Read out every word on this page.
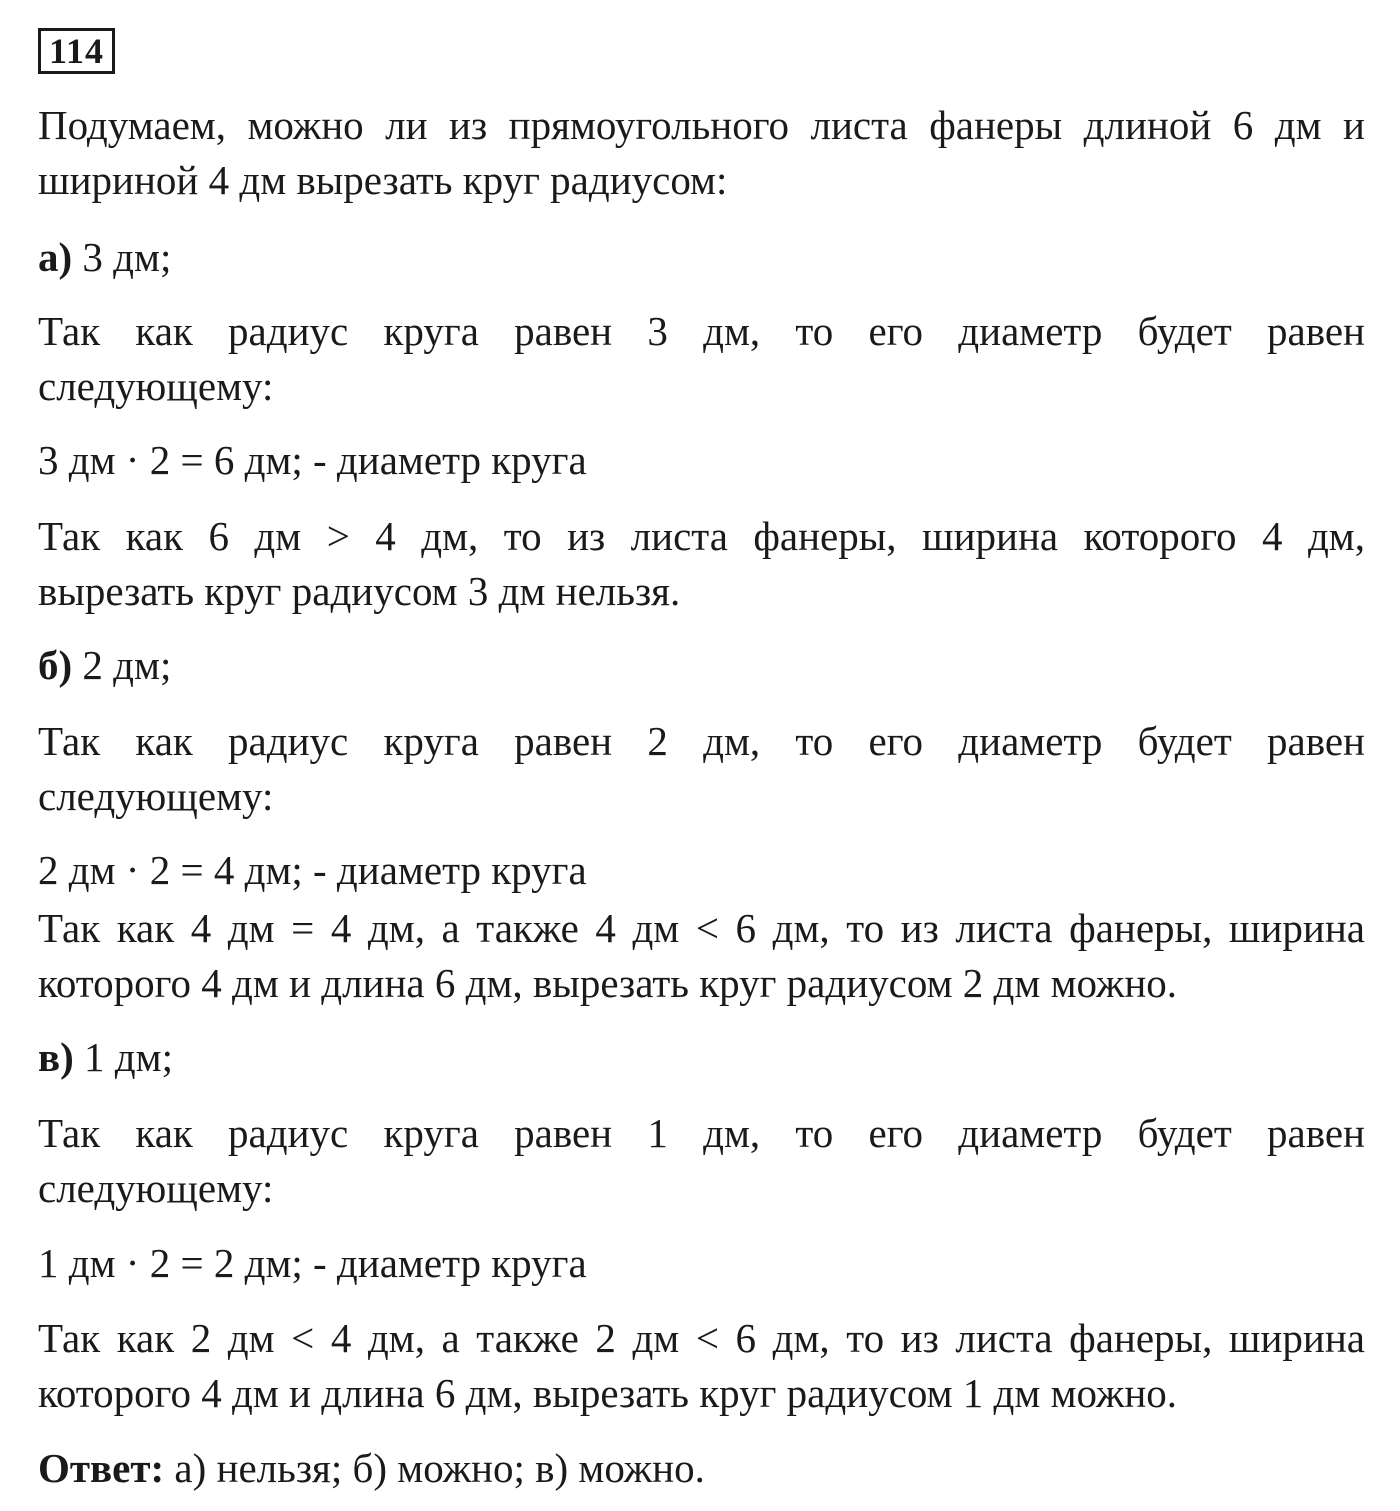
114
Подумаем, можно ли из прямоугольного листа фанеры длиной 6 дм и
шириной 4 дм вырезать круг радиусом:
а) 3 дм;
Так как радиус круга равен 3 дм, то его диаметр будет равен
следующему:
3 дм · 2 = 6 дм; - диаметр круга
Так как 6 дм > 4 дм, то из листа фанеры, ширина которого 4 дм,
вырезать круг радиусом 3 дм нельзя.
б) 2 дм;
Так как радиус круга равен 2 дм, то его диаметр будет равен
следующему:
2 дм · 2 = 4 дм; - диаметр круга
Так как 4 дм = 4 дм, а также 4 дм < 6 дм, то из листа фанеры, ширина
которого 4 дм и длина 6 дм, вырезать круг радиусом 2 дм можно.
в) 1 дм;
Так как радиус круга равен 1 дм, то его диаметр будет равен
следующему:
1 дм · 2 = 2 дм; - диаметр круга
Так как 2 дм < 4 дм, а также 2 дм < 6 дм, то из листа фанеры, ширина
которого 4 дм и длина 6 дм, вырезать круг радиусом 1 дм можно.
Ответ: а) нельзя; б) можно; в) можно.
